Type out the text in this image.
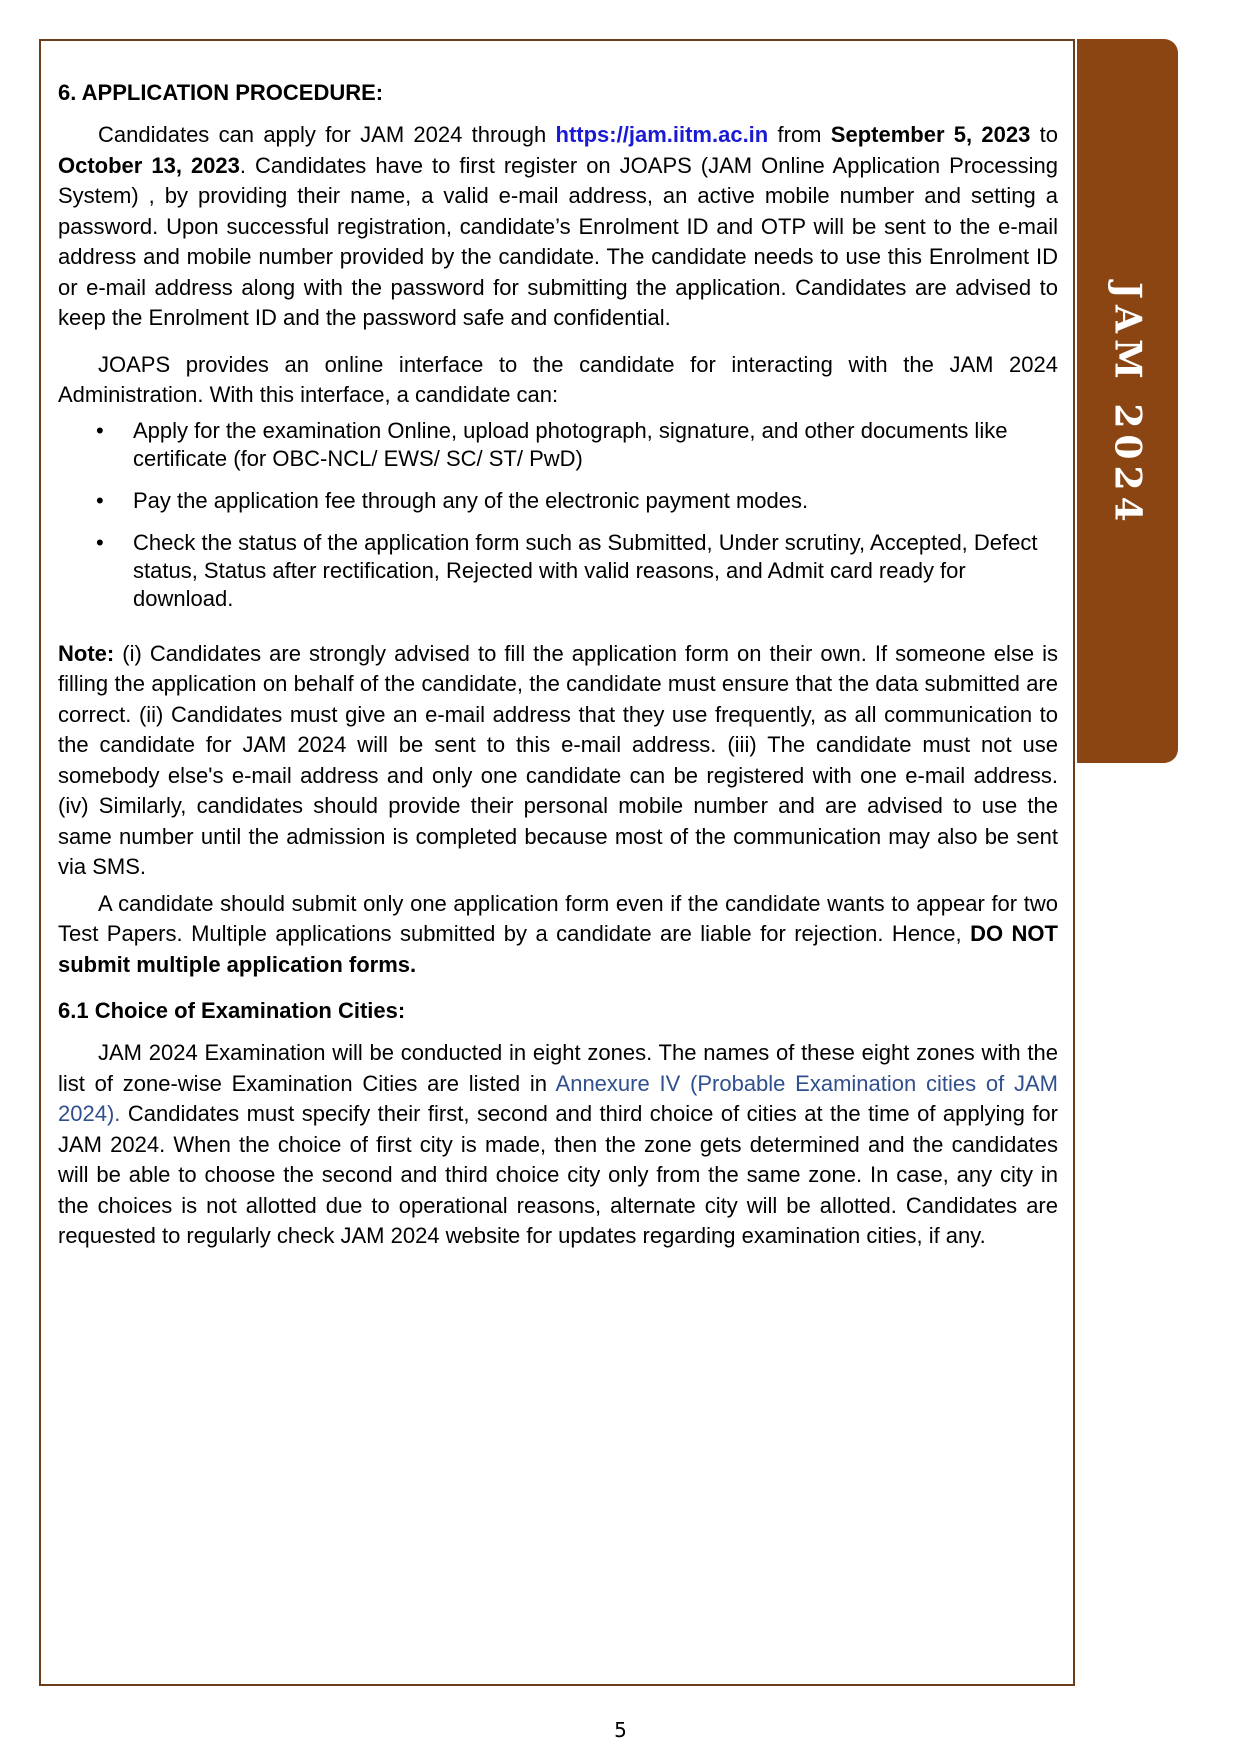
JAM 2024
6. APPLICATION PROCEDURE:

Candidates can apply for JAM 2024 through https://jam.iitm.ac.in from September 5, 2023 to October 13, 2023. Candidates have to first register on JOAPS (JAM Online Application Processing System) , by providing their name, a valid e-mail address, an active mobile number and setting a password. Upon successful registration, candidate’s Enrolment ID and OTP will be sent to the e-mail address and mobile number provided by the candidate. The candidate needs to use this Enrolment ID or e-mail address along with the password for submitting the application. Candidates are advised to keep the Enrolment ID and the password safe and confidential.

JOAPS provides an online interface to the candidate for interacting with the JAM 2024 Administration. With this interface, a candidate can:

• Apply for the examination Online, upload photograph, signature, and other documents like certificate (for OBC-NCL/ EWS/ SC/ ST/ PwD)
• Pay the application fee through any of the electronic payment modes.
• Check the status of the application form such as Submitted, Under scrutiny, Accepted, Defect status, Status after rectification, Rejected with valid reasons, and Admit card ready for download.

Note: (i) Candidates are strongly advised to fill the application form on their own. If someone else is filling the application on behalf of the candidate, the candidate must ensure that the data submitted are correct. (ii) Candidates must give an e-mail address that they use frequently, as all communication to the candidate for JAM 2024 will be sent to this e-mail address. (iii) The candidate must not use somebody else's e-mail address and only one candidate can be registered with one e-mail address. (iv) Similarly, candidates should provide their personal mobile number and are advised to use the same number until the admission is completed because most of the communication may also be sent via SMS.

A candidate should submit only one application form even if the candidate wants to appear for two Test Papers. Multiple applications submitted by a candidate are liable for rejection. Hence, DO NOT submit multiple application forms.

6.1 Choice of Examination Cities:

JAM 2024 Examination will be conducted in eight zones. The names of these eight zones with the list of zone-wise Examination Cities are listed in Annexure IV (Probable Examination cities of JAM 2024). Candidates must specify their first, second and third choice of cities at the time of applying for JAM 2024. When the choice of first city is made, then the zone gets determined and the candidates will be able to choose the second and third choice city only from the same zone. In case, any city in the choices is not allotted due to operational reasons, alternate city will be allotted. Candidates are requested to regularly check JAM 2024 website for updates regarding examination cities, if any.

5
